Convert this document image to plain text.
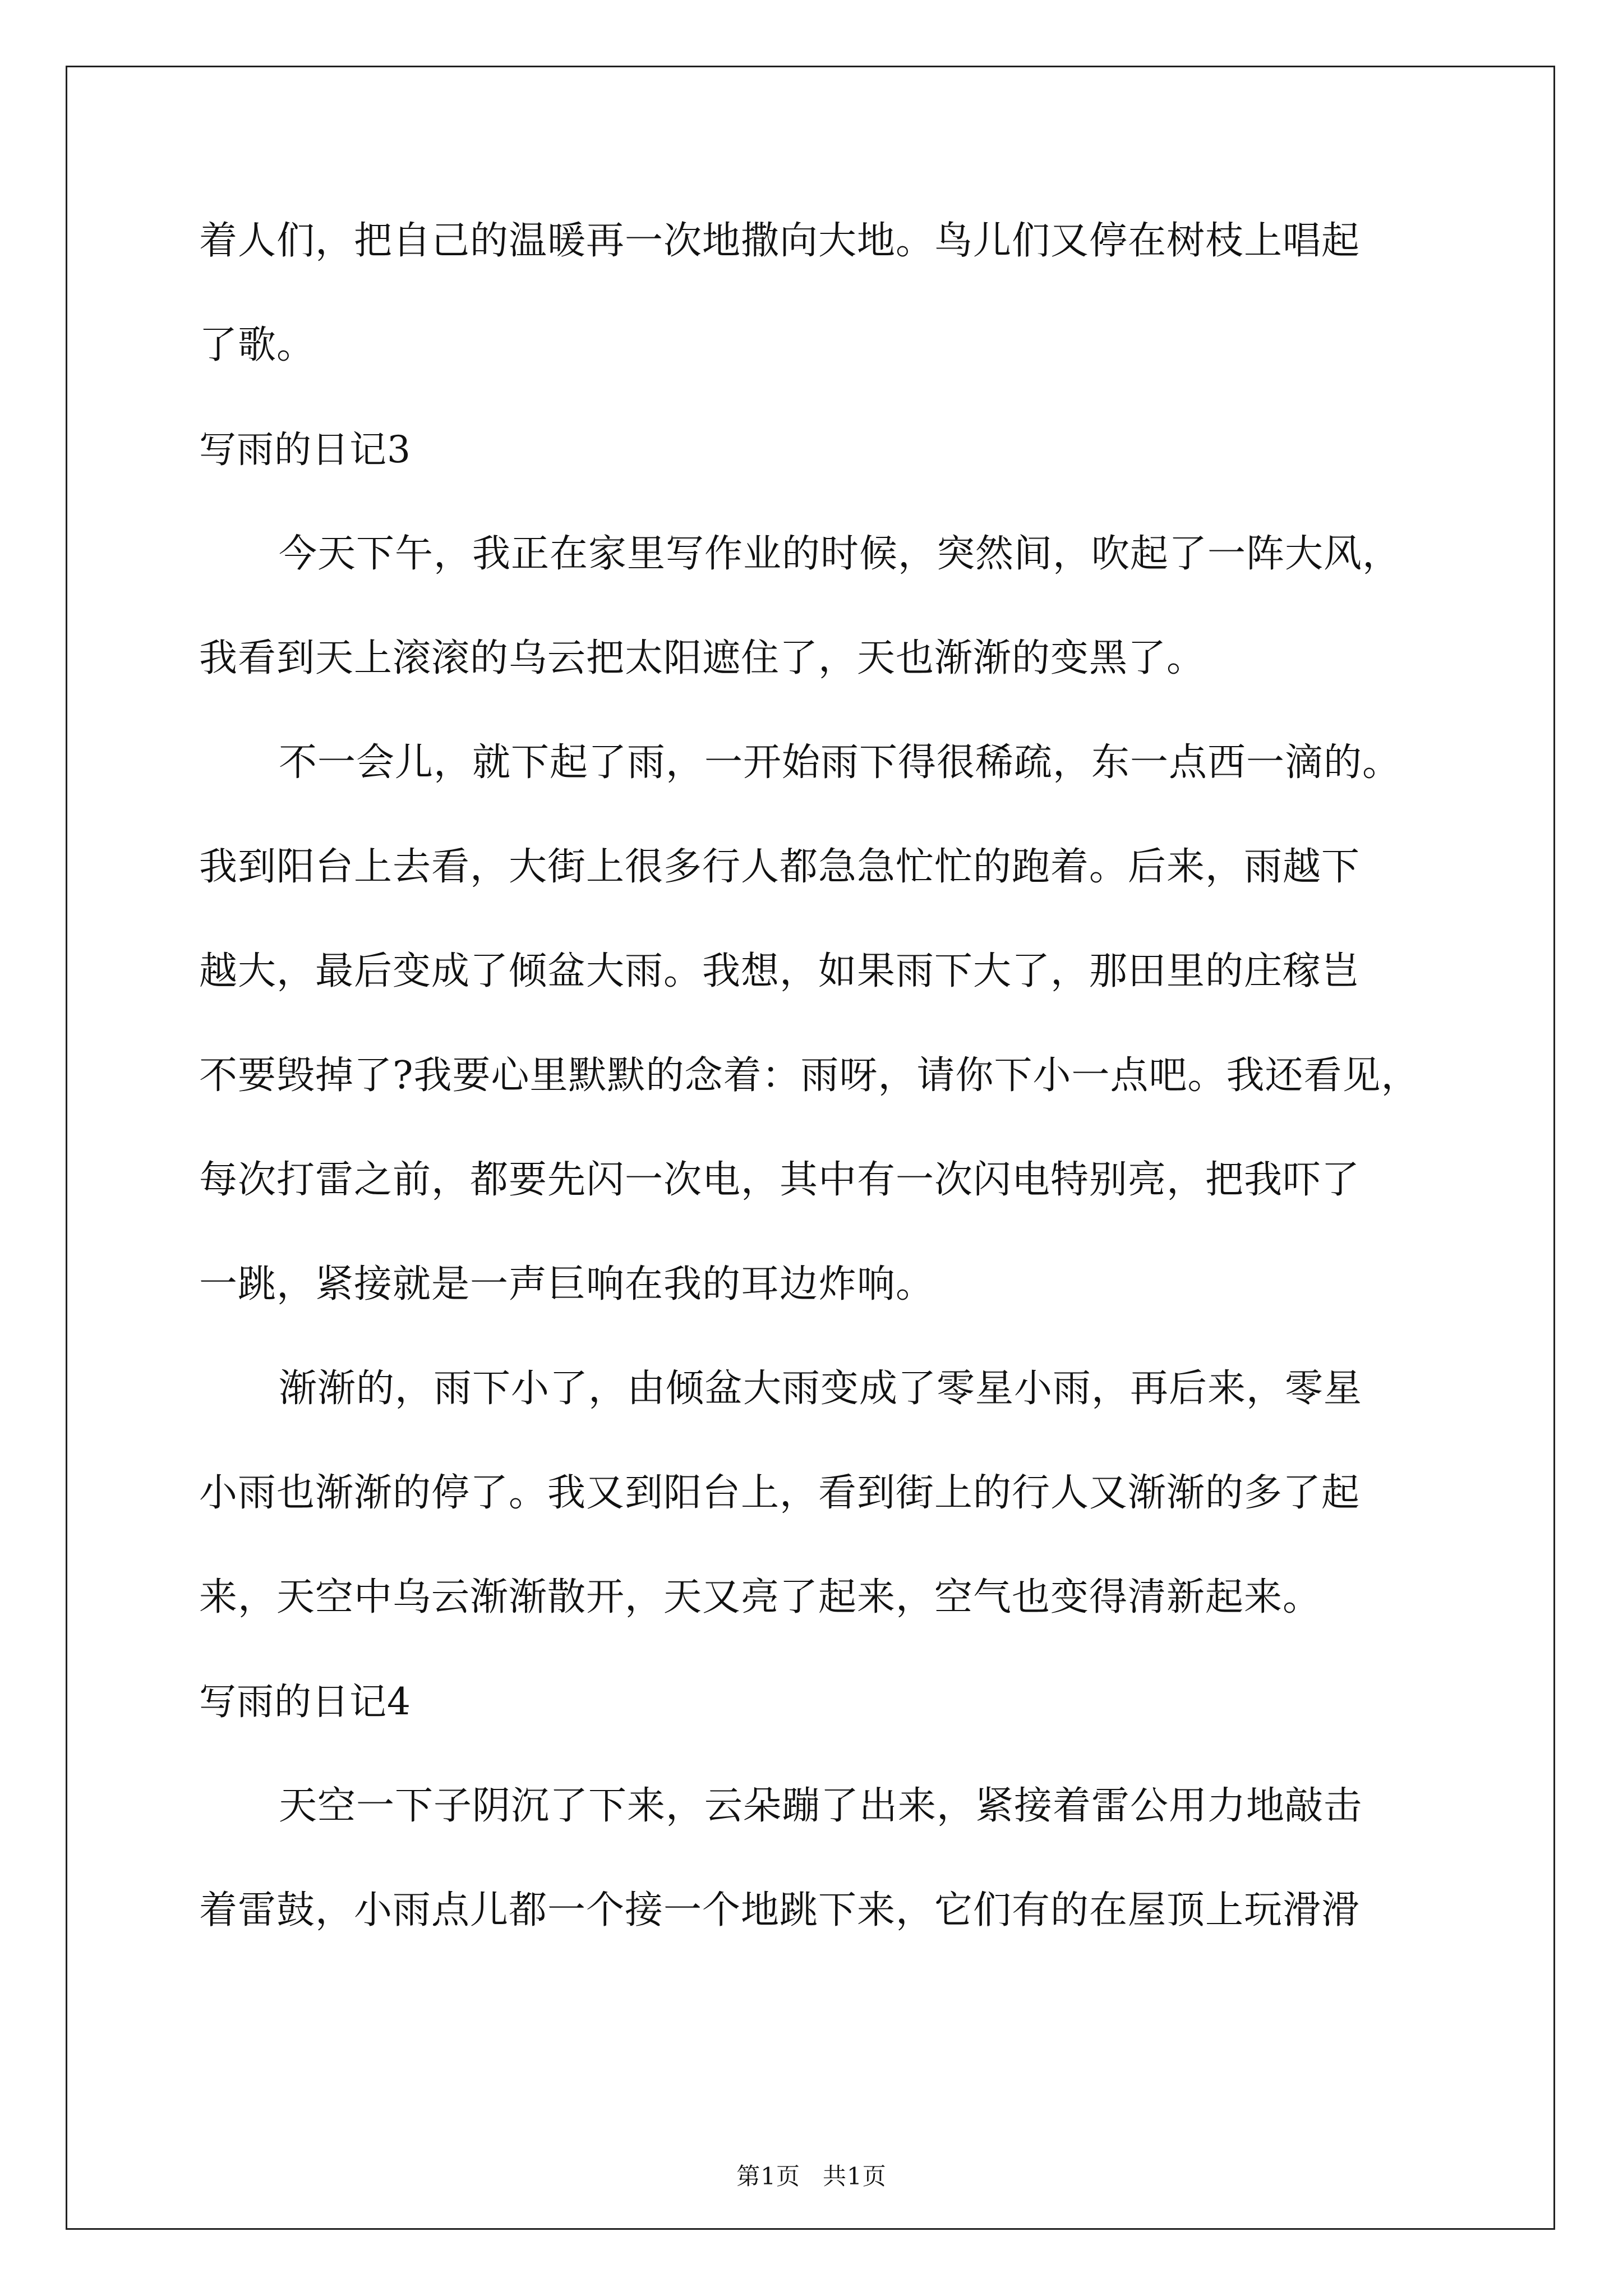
着人们，把自己的温暖再一次地撒向大地。鸟儿们又停在树枝上唱起
了歌。
写雨的日记3
今天下午，我正在家里写作业的时候，突然间，吹起了一阵大风，
我看到天上滚滚的乌云把太阳遮住了，天也渐渐的变黑了。
不一会儿，就下起了雨，一开始雨下得很稀疏，东一点西一滴的。
我到阳台上去看，大街上很多行人都急急忙忙的跑着。后来，雨越下
越大，最后变成了倾盆大雨。我想，如果雨下大了，那田里的庄稼岂
不要毁掉了?我要心里默默的念着：雨呀，请你下小一点吧。我还看见，
每次打雷之前，都要先闪一次电，其中有一次闪电特别亮，把我吓了
一跳，紧接就是一声巨响在我的耳边炸响。
渐渐的，雨下小了，由倾盆大雨变成了零星小雨，再后来，零星
小雨也渐渐的停了。我又到阳台上，看到街上的行人又渐渐的多了起
来，天空中乌云渐渐散开，天又亮了起来，空气也变得清新起来。
写雨的日记4
天空一下子阴沉了下来，云朵蹦了出来，紧接着雷公用力地敲击
着雷鼓，小雨点儿都一个接一个地跳下来，它们有的在屋顶上玩滑滑
第1页 共1页
